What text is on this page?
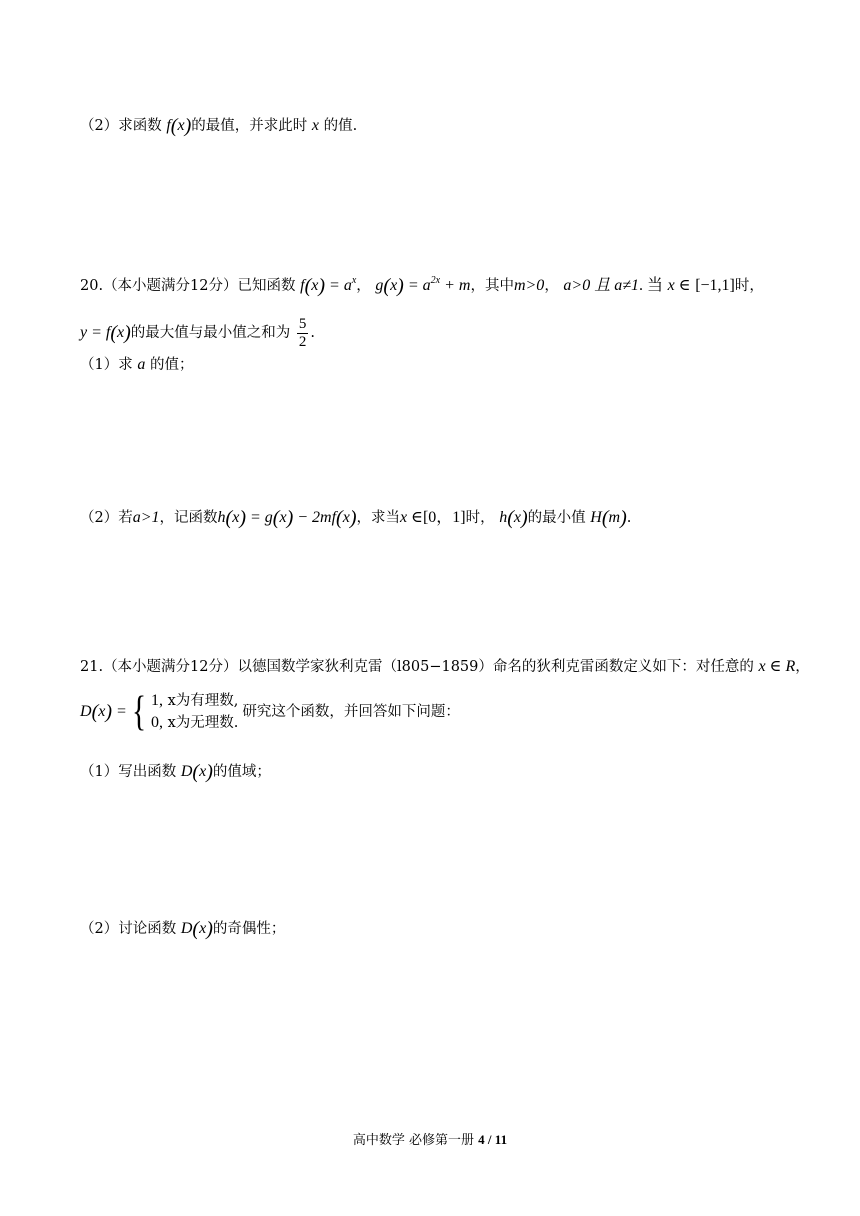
（2）求函数 f(x)的最值，并求此时 x 的值.
20.（本小题满分12分）已知函数 $f(x) = a^x$， $g(x) = a^{2x} + m$，其中m>0， a>0 且 a≠1. 当 x ∈ [−1,1]时，
y = f(x)的最大值与最小值之和为 $\frac{5}{2}$ .
（1）求 a 的值；
（2）若a>1，记函数h(x) = g(x) − 2mf(x)，求当x ∈[0，1]时， h(x)的最小值 H(m).
21.（本小题满分12分）以德国数学家狄利克雷（l805−1859）命名的狄利克雷函数定义如下：对任意的 x ∈ R，
D(x) = { 1, x为有理数,
0, x为无理数.
研究这个函数，并回答如下问题：
（1）写出函数 D(x)的值域；
（2）讨论函数 D(x)的奇偶性；
高中数学 必修第一册 4 / 11
